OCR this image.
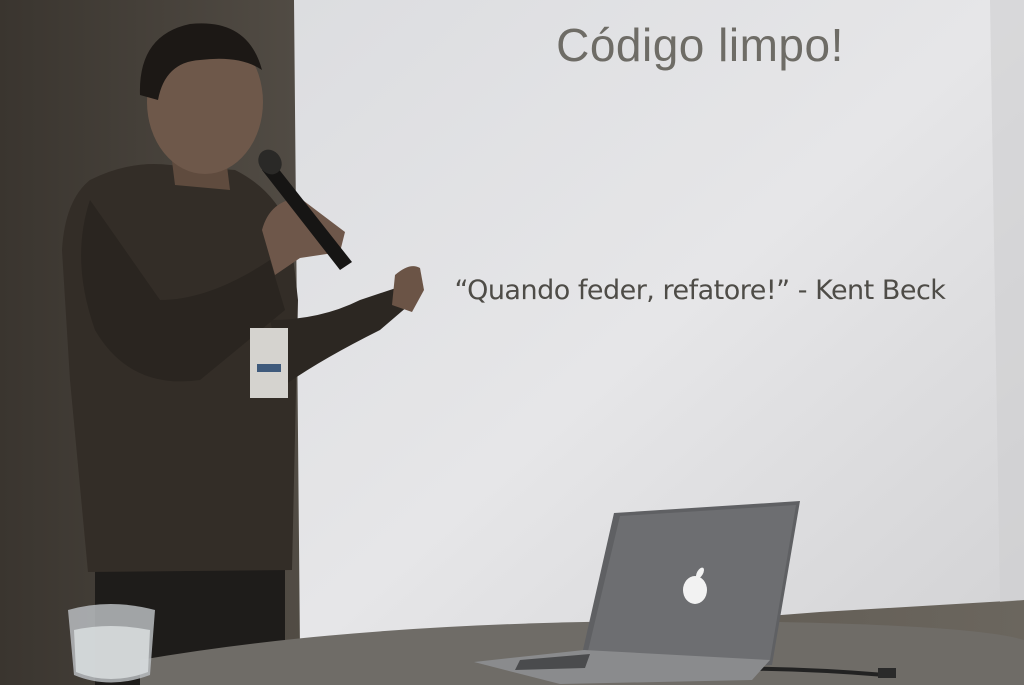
Código limpo!
“Quando feder, refatore!” - Kent Beck
